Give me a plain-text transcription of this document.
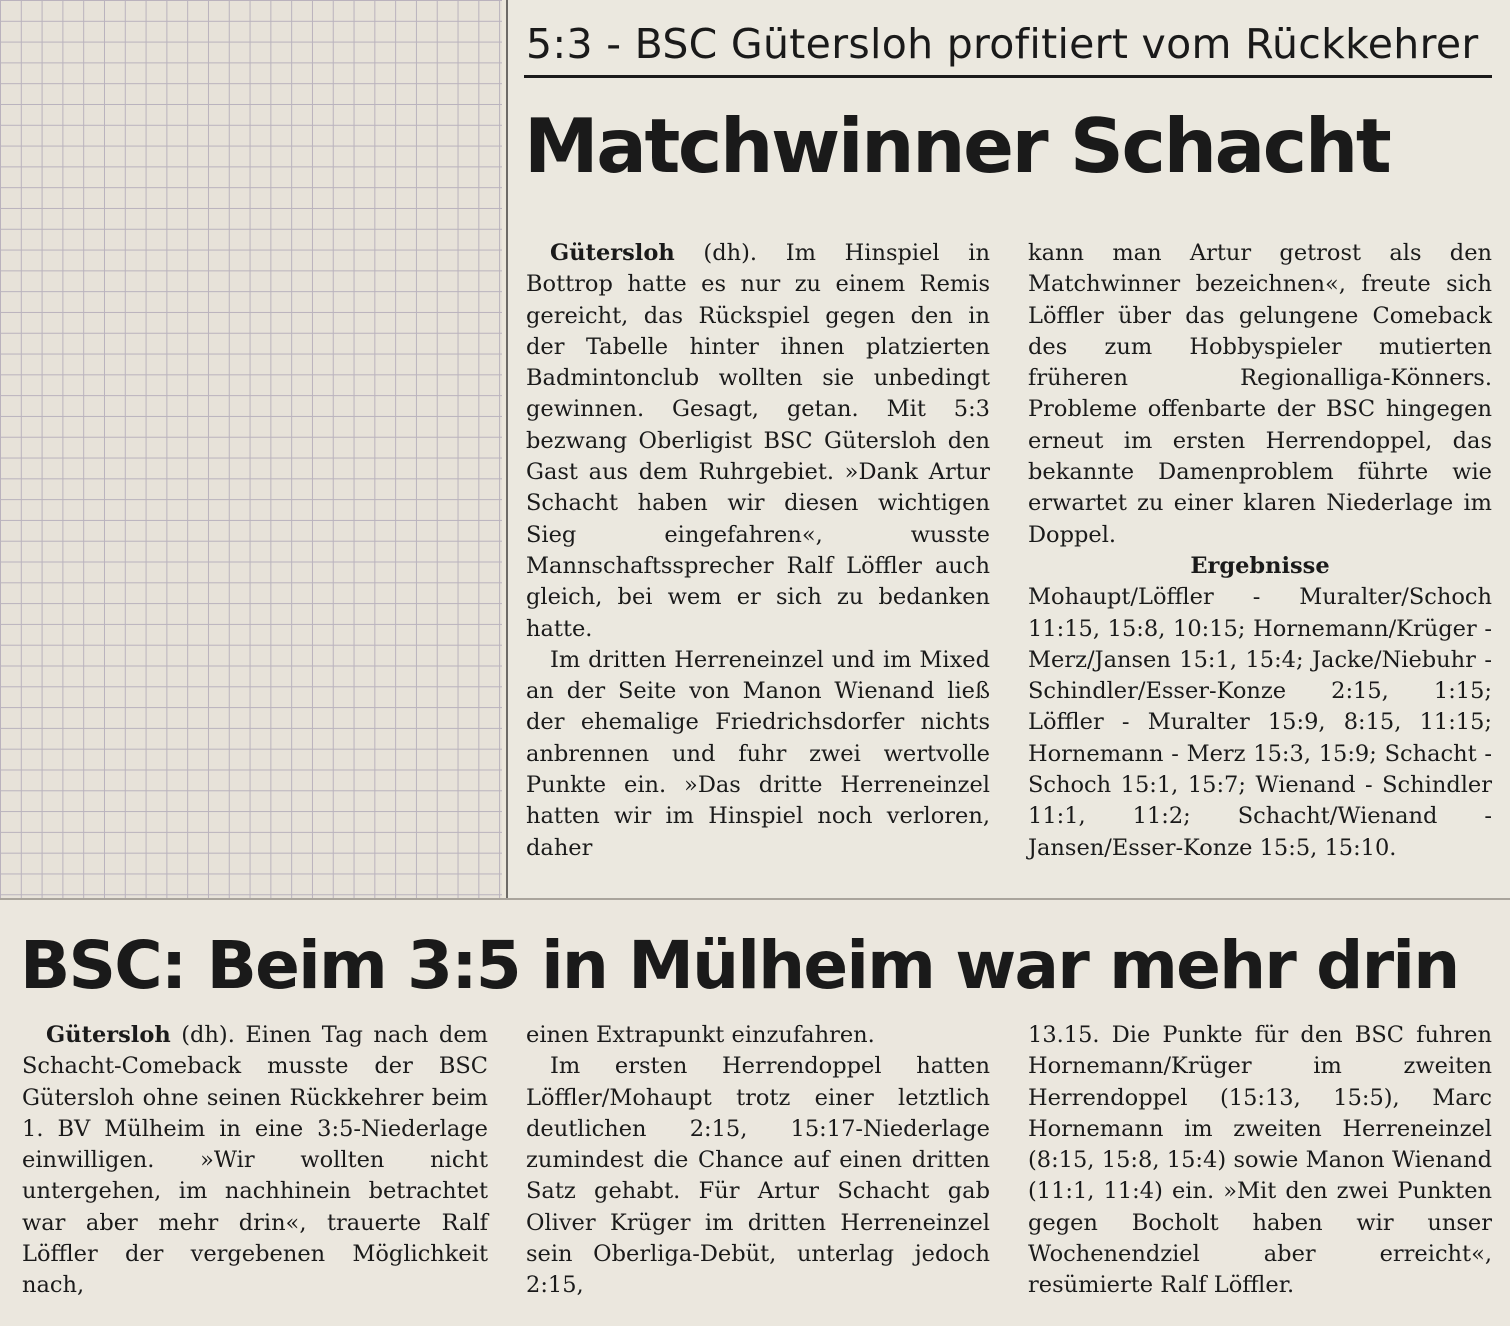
5:3 - BSC Gütersloh profitiert vom Rückkehrer
Matchwinner Schacht

Gütersloh (dh). Im Hinspiel in Bottrop hatte es nur zu einem Remis gereicht, das Rückspiel gegen den in der Tabelle hinter ihnen platzierten Badmintonclub wollten sie unbedingt gewinnen. Gesagt, getan. Mit 5:3 bezwang Oberligist BSC Gütersloh den Gast aus dem Ruhrgebiet. »Dank Artur Schacht haben wir diesen wichtigen Sieg eingefahren«, wusste Mannschaftssprecher Ralf Löffler auch gleich, bei wem er sich zu bedanken hatte.

Im dritten Herreneinzel und im Mixed an der Seite von Manon Wienand ließ der ehemalige Friedrichsdorfer nichts anbrennen und fuhr zwei wertvolle Punkte ein. »Das dritte Herreneinzel hatten wir im Hinspiel noch verloren, daher

kann man Artur getrost als den Matchwinner bezeichnen«, freute sich Löffler über das gelungene Comeback des zum Hobbyspieler mutierten früheren Regionalliga-Könners. Probleme offenbarte der BSC hingegen erneut im ersten Herrendoppel, das bekannte Damenproblem führte wie erwartet zu einer klaren Niederlage im Doppel.

Ergebnisse

Mohaupt/Löffler - Muralter/Schoch 11:15, 15:8, 10:15; Hornemann/Krüger - Merz/Jansen 15:1, 15:4; Jacke/Niebuhr - Schindler/Esser-Konze 2:15, 1:15; Löffler - Muralter 15:9, 8:15, 11:15; Hornemann - Merz 15:3, 15:9; Schacht - Schoch 15:1, 15:7; Wienand - Schindler 11:1, 11:2; Schacht/Wienand - Jansen/Esser-Konze 15:5, 15:10.

BSC: Beim 3:5 in Mülheim war mehr drin

Gütersloh (dh). Einen Tag nach dem Schacht-Comeback musste der BSC Gütersloh ohne seinen Rückkehrer beim 1. BV Mülheim in eine 3:5-Niederlage einwilligen. »Wir wollten nicht untergehen, im nachhinein betrachtet war aber mehr drin«, trauerte Ralf Löffler der vergebenen Möglichkeit nach,

einen Extrapunkt einzufahren.

Im ersten Herrendoppel hatten Löffler/Mohaupt trotz einer letztlich deutlichen 2:15, 15:17-Niederlage zumindest die Chance auf einen dritten Satz gehabt. Für Artur Schacht gab Oliver Krüger im dritten Herreneinzel sein Oberliga-Debüt, unterlag jedoch 2:15,

13.15. Die Punkte für den BSC fuhren Hornemann/Krüger im zweiten Herrendoppel (15:13, 15:5), Marc Hornemann im zweiten Herreneinzel (8:15, 15:8, 15:4) sowie Manon Wienand (11:1, 11:4) ein. »Mit den zwei Punkten gegen Bocholt haben wir unser Wochenendziel aber erreicht«, resümierte Ralf Löffler.
